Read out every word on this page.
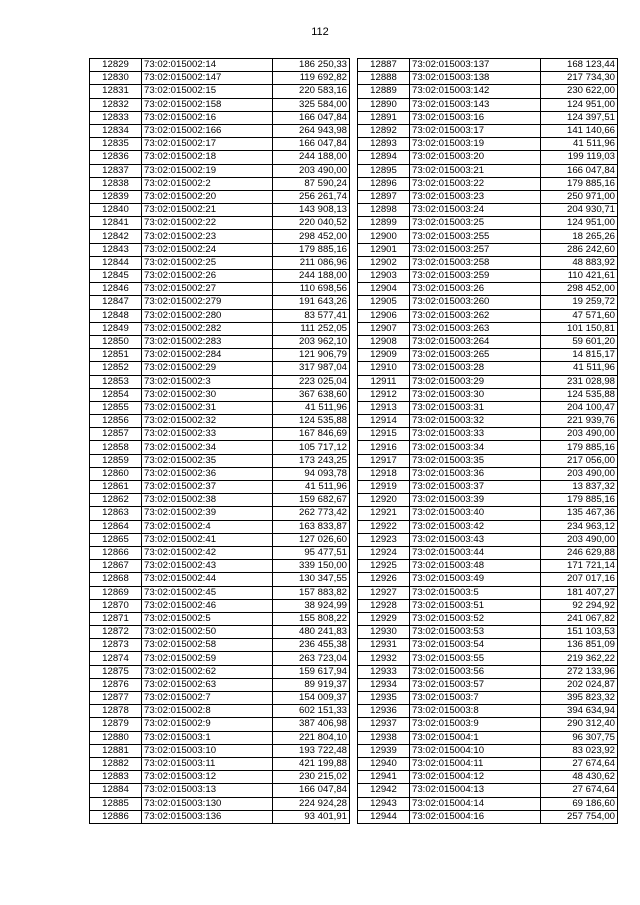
112
12829	73:02:015002:14	186 250,33
12830	73:02:015002:147	119 692,82
12831	73:02:015002:15	220 583,16
12832	73:02:015002:158	325 584,00
12833	73:02:015002:16	166 047,84
12834	73:02:015002:166	264 943,98
12835	73:02:015002:17	166 047,84
12836	73:02:015002:18	244 188,00
12837	73:02:015002:19	203 490,00
12838	73:02:015002:2	87 590,24
12839	73:02:015002:20	256 261,74
12840	73:02:015002:21	143 908,13
12841	73:02:015002:22	220 040,52
12842	73:02:015002:23	298 452,00
12843	73:02:015002:24	179 885,16
12844	73:02:015002:25	211 086,96
12845	73:02:015002:26	244 188,00
12846	73:02:015002:27	110 698,56
12847	73:02:015002:279	191 643,26
12848	73:02:015002:280	83 577,41
12849	73:02:015002:282	111 252,05
12850	73:02:015002:283	203 962,10
12851	73:02:015002:284	121 906,79
12852	73:02:015002:29	317 987,04
12853	73:02:015002:3	223 025,04
12854	73:02:015002:30	367 638,60
12855	73:02:015002:31	41 511,96
12856	73:02:015002:32	124 535,88
12857	73:02:015002:33	167 846,69
12858	73:02:015002:34	105 717,12
12859	73:02:015002:35	173 243,25
12860	73:02:015002:36	94 093,78
12861	73:02:015002:37	41 511,96
12862	73:02:015002:38	159 682,67
12863	73:02:015002:39	262 773,42
12864	73:02:015002:4	163 833,87
12865	73:02:015002:41	127 026,60
12866	73:02:015002:42	95 477,51
12867	73:02:015002:43	339 150,00
12868	73:02:015002:44	130 347,55
12869	73:02:015002:45	157 883,82
12870	73:02:015002:46	38 924,99
12871	73:02:015002:5	155 808,22
12872	73:02:015002:50	480 241,83
12873	73:02:015002:58	236 455,38
12874	73:02:015002:59	263 723,04
12875	73:02:015002:62	159 617,94
12876	73:02:015002:63	89 919,37
12877	73:02:015002:7	154 009,37
12878	73:02:015002:8	602 151,33
12879	73:02:015002:9	387 406,98
12880	73:02:015003:1	221 804,10
12881	73:02:015003:10	193 722,48
12882	73:02:015003:11	421 199,88
12883	73:02:015003:12	230 215,02
12884	73:02:015003:13	166 047,84
12885	73:02:015003:130	224 924,28
12886	73:02:015003:136	93 401,91
12887	73:02:015003:137	168 123,44
12888	73:02:015003:138	217 734,30
12889	73:02:015003:142	230 622,00
12890	73:02:015003:143	124 951,00
12891	73:02:015003:16	124 397,51
12892	73:02:015003:17	141 140,66
12893	73:02:015003:19	41 511,96
12894	73:02:015003:20	199 119,03
12895	73:02:015003:21	166 047,84
12896	73:02:015003:22	179 885,16
12897	73:02:015003:23	250 971,00
12898	73:02:015003:24	204 930,71
12899	73:02:015003:25	124 951,00
12900	73:02:015003:255	18 265,26
12901	73:02:015003:257	286 242,60
12902	73:02:015003:258	48 883,92
12903	73:02:015003:259	110 421,61
12904	73:02:015003:26	298 452,00
12905	73:02:015003:260	19 259,72
12906	73:02:015003:262	47 571,60
12907	73:02:015003:263	101 150,81
12908	73:02:015003:264	59 601,20
12909	73:02:015003:265	14 815,17
12910	73:02:015003:28	41 511,96
12911	73:02:015003:29	231 028,98
12912	73:02:015003:30	124 535,88
12913	73:02:015003:31	204 100,47
12914	73:02:015003:32	221 939,76
12915	73:02:015003:33	203 490,00
12916	73:02:015003:34	179 885,16
12917	73:02:015003:35	217 056,00
12918	73:02:015003:36	203 490,00
12919	73:02:015003:37	13 837,32
12920	73:02:015003:39	179 885,16
12921	73:02:015003:40	135 467,36
12922	73:02:015003:42	234 963,12
12923	73:02:015003:43	203 490,00
12924	73:02:015003:44	246 629,88
12925	73:02:015003:48	171 721,14
12926	73:02:015003:49	207 017,16
12927	73:02:015003:5	181 407,27
12928	73:02:015003:51	92 294,92
12929	73:02:015003:52	241 067,82
12930	73:02:015003:53	151 103,53
12931	73:02:015003:54	136 851,09
12932	73:02:015003:55	219 362,22
12933	73:02:015003:56	272 133,96
12934	73:02:015003:57	202 024,87
12935	73:02:015003:7	395 823,32
12936	73:02:015003:8	394 634,94
12937	73:02:015003:9	290 312,40
12938	73:02:015004:1	96 307,75
12939	73:02:015004:10	83 023,92
12940	73:02:015004:11	27 674,64
12941	73:02:015004:12	48 430,62
12942	73:02:015004:13	27 674,64
12943	73:02:015004:14	69 186,60
12944	73:02:015004:16	257 754,00
